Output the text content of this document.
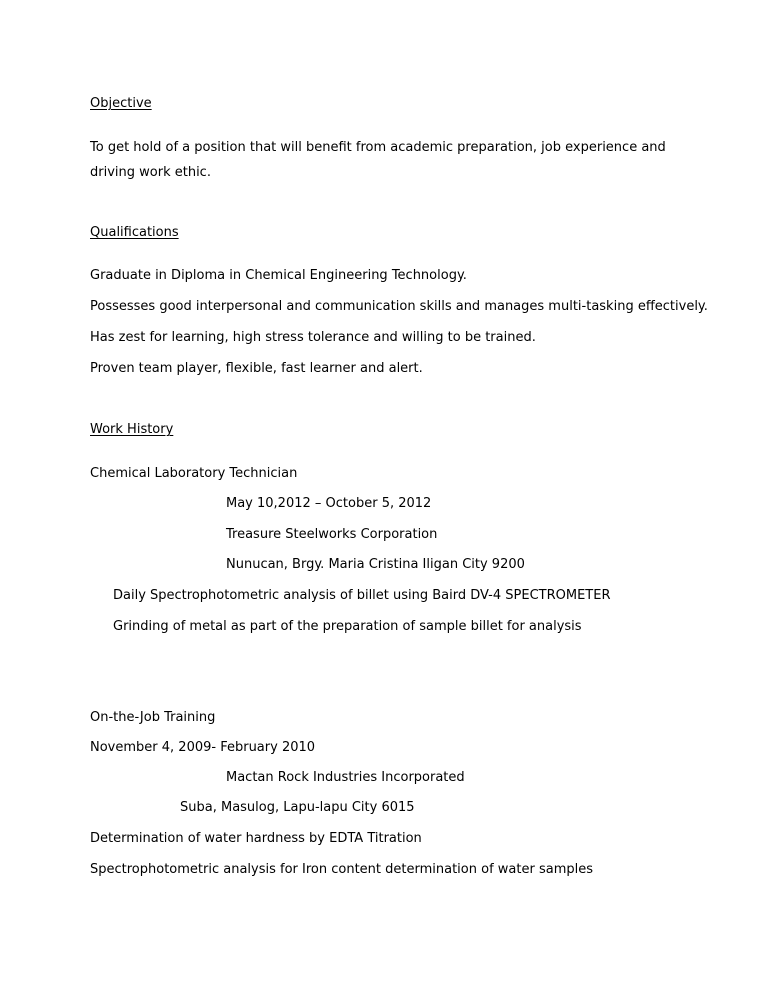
Objective
To get hold of a position that will benefit from academic preparation, job experience and
driving work ethic.
Qualifications
Graduate in Diploma in Chemical Engineering Technology.
Possesses good interpersonal and communication skills and manages multi-tasking effectively.
Has zest for learning, high stress tolerance and willing to be trained.
Proven team player, flexible, fast learner and alert.
Work History
Chemical Laboratory Technician
May 10,2012 – October 5, 2012
Treasure Steelworks Corporation
Nunucan, Brgy. Maria Cristina Iligan City 9200
Daily Spectrophotometric analysis of billet using Baird DV-4 SPECTROMETER
Grinding of metal as part of the preparation of sample billet for analysis
On-the-Job Training
November 4, 2009- February 2010
Mactan Rock Industries Incorporated
Suba, Masulog, Lapu-lapu City 6015
Determination of water hardness by EDTA Titration
Spectrophotometric analysis for Iron content determination of water samples
